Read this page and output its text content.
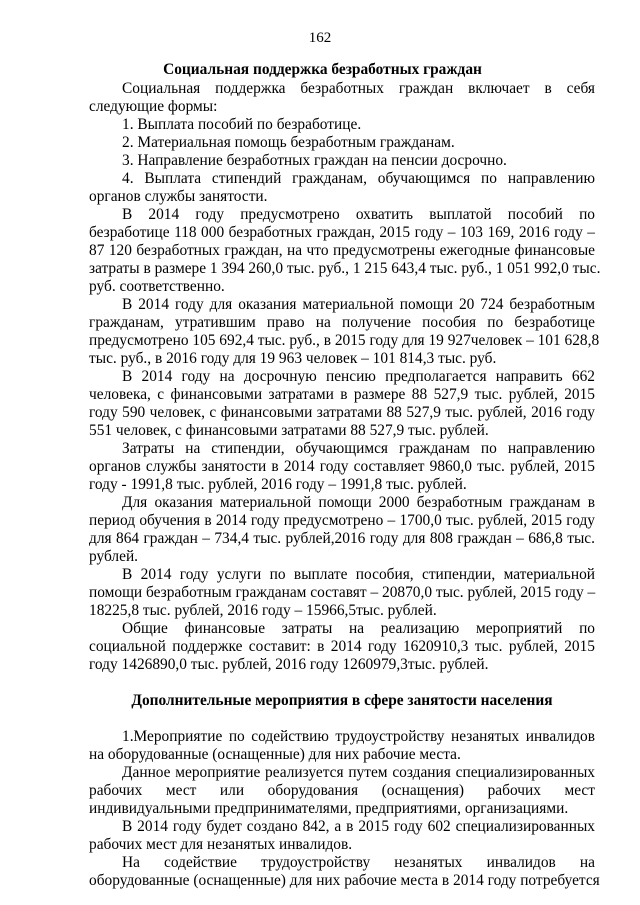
162
Социальная поддержка безработных граждан
Социальная поддержка безработных граждан включает в себя
следующие формы:
1. Выплата пособий по безработице.
2. Материальная помощь безработным гражданам.
3. Направление безработных граждан на пенсии досрочно.
4. Выплата стипендий гражданам, обучающимся по направлению
органов службы занятости.
В 2014 году предусмотрено охватить выплатой пособий по
безработице 118 000 безработных граждан, 2015 году – 103 169, 2016 году –
87 120 безработных граждан, на что предусмотрены ежегодные финансовые
затраты в размере 1 394 260,0 тыс. руб., 1 215 643,4 тыс. руб., 1 051 992,0 тыс.
руб. соответственно.
В 2014 году для оказания материальной помощи 20 724 безработным
гражданам, утратившим право на получение пособия по безработице
предусмотрено 105 692,4 тыс. руб., в 2015 году для 19 927человек – 101 628,8
тыс. руб., в 2016 году для 19 963 человек – 101 814,3 тыс. руб.
В 2014 году на досрочную пенсию предполагается направить 662
человека, с финансовыми затратами в размере 88 527,9 тыс. рублей, 2015
году 590 человек, с финансовыми затратами 88 527,9 тыс. рублей, 2016 году
551 человек, с финансовыми затратами 88 527,9 тыс. рублей.
Затраты на стипендии, обучающимся гражданам по направлению
органов службы занятости в 2014 году составляет 9860,0 тыс. рублей, 2015
году - 1991,8 тыс. рублей, 2016 году – 1991,8 тыс. рублей.
Для оказания материальной помощи 2000 безработным гражданам в
период обучения в 2014 году предусмотрено – 1700,0 тыс. рублей, 2015 году
для 864 граждан – 734,4 тыс. рублей,2016 году для 808 граждан – 686,8 тыс.
рублей.
В 2014 году услуги по выплате пособия, стипендии, материальной
помощи безработным гражданам составят – 20870,0 тыс. рублей, 2015 году –
18225,8 тыс. рублей, 2016 году – 15966,5тыс. рублей.
Общие финансовые затраты на реализацию мероприятий по
социальной поддержке составит: в 2014 году 1620910,3 тыс. рублей, 2015
году 1426890,0 тыс. рублей, 2016 году 1260979,3тыс. рублей.
Дополнительные мероприятия в сфере занятости населения
1.Мероприятие по содействию трудоустройству незанятых инвалидов
на оборудованные (оснащенные) для них рабочие места.
Данное мероприятие реализуется путем создания специализированных
рабочих мест или оборудования (оснащения) рабочих мест
индивидуальными предпринимателями, предприятиями, организациями.
В 2014 году будет создано 842, а в 2015 году 602 специализированных
рабочих мест для незанятых инвалидов.
На содействие трудоустройству незанятых инвалидов на
оборудованные (оснащенные) для них рабочие места в 2014 году потребуется
